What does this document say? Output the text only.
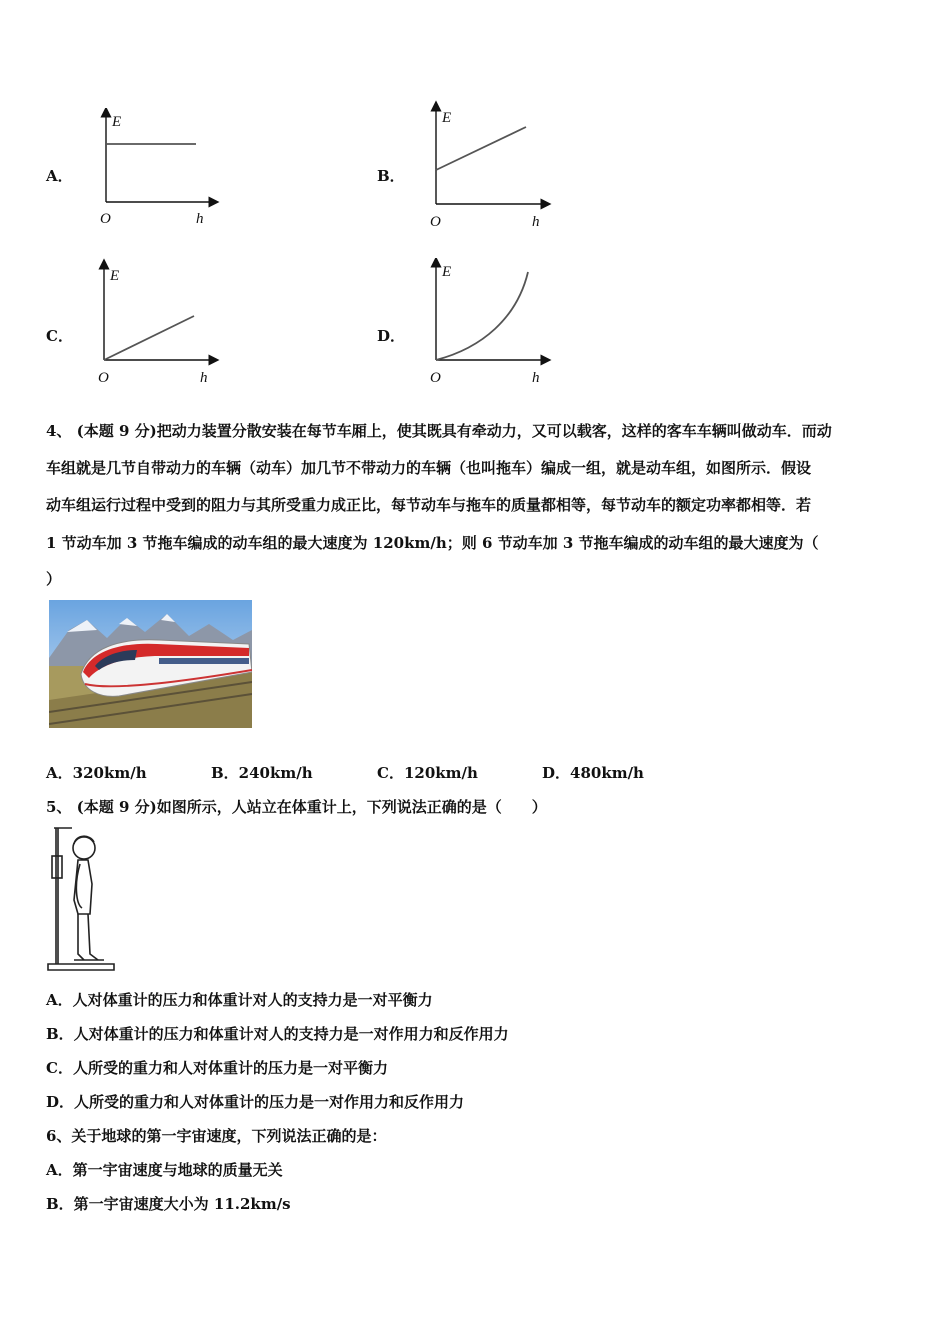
A．
E
O	h
B．
E
O	h
C．
E
O	h
D．
E
O	h
4、 (本题 9 分)把动力装置分散安装在每节车厢上，使其既具有牵动力，又可以载客，这样的客车车辆叫做动车．而动
车组就是几节自带动力的车辆（动车）加几节不带动力的车辆（也叫拖车）编成一组，就是动车组，如图所示．假设
动车组运行过程中受到的阻力与其所受重力成正比，每节动车与拖车的质量都相等，每节动车的额定功率都相等．若
1 节动车加 3 节拖车编成的动车组的最大速度为 120km/h；则 6 节动车加 3 节拖车编成的动车组的最大速度为（
）
A．320km/h	B．240km/h	C．120km/h	D．480km/h
5、 (本题 9 分)如图所示，人站立在体重计上，下列说法正确的是（　　）
A．人对体重计的压力和体重计对人的支持力是一对平衡力
B．人对体重计的压力和体重计对人的支持力是一对作用力和反作用力
C．人所受的重力和人对体重计的压力是一对平衡力
D．人所受的重力和人对体重计的压力是一对作用力和反作用力
6、关于地球的第一宇宙速度，下列说法正确的是：
A．第一宇宙速度与地球的质量无关
B．第一宇宙速度大小为 11.2km/s
